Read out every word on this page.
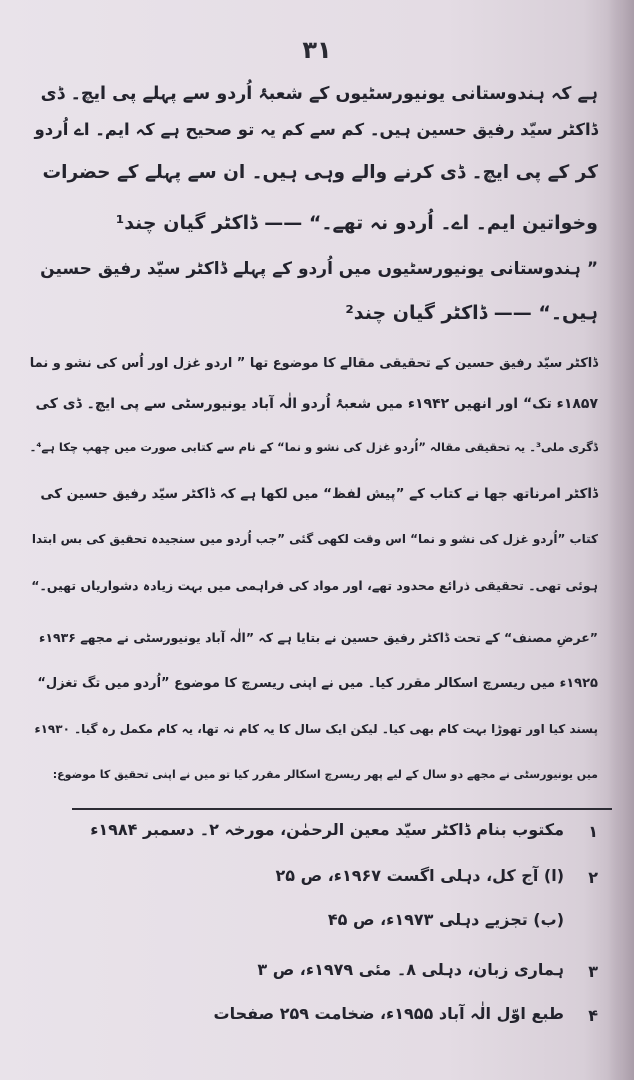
۳۱
ہے کہ ہندوستانی یونیورسٹیوں کے شعبۂ اُردو سے پہلے پی ایچ۔ ڈی
ڈاکٹر سیّد رفیق حسین ہیں۔ کم سے کم یہ تو صحیح ہے کہ ایم۔ اے اُردو
کر کے پی ایچ۔ ڈی کرنے والے وہی ہیں۔ ان سے پہلے کے حضرات
وخواتین ایم۔ اے۔ اُردو نہ تھے۔“ —— ڈاکٹر گیان چند¹
” ہندوستانی یونیورسٹیوں میں اُردو کے پہلے ڈاکٹر سیّد رفیق حسین
ہیں۔“ —— ڈاکٹر گیان چند²
ڈاکٹر سیّد رفیق حسین کے تحقیقی مقالے کا موضوع تھا ” اردو غزل اور اُس کی نشو و نما
۱۸۵۷ء تک“ اور انھیں ۱۹۴۲ء میں شعبۂ اُردو الٰہ آباد یونیورسٹی سے پی ایچ۔ ڈی کی
ڈگری ملی³۔ یہ تحقیقی مقالہ ”اُردو غزل کی نشو و نما“ کے نام سے کتابی صورت میں چھپ چکا ہے⁴۔
ڈاکٹر امرناتھ جھا نے کتاب کے ”پیش لفظ“ میں لکھا ہے کہ ڈاکٹر سیّد رفیق حسین کی
کتاب ”اُردو غزل کی نشو و نما“ اس وقت لکھی گئی ”جب اُردو میں سنجیدہ تحقیق کی بس ابتدا
ہوئی تھی۔ تحقیقی ذرائع محدود تھے، اور مواد کی فراہمی میں بہت زیادہ دشواریاں تھیں۔“
”عرضِ مصنف“ کے تحت ڈاکٹر رفیق حسین نے بتایا ہے کہ ”الٰہ آباد یونیورسٹی نے مجھے ۱۹۳۶ء
۱۹۲۵ء میں ریسرچ اسکالر مقرر کیا۔ میں نے اپنی ریسرچ کا موضوع ”اُردو میں تگ تغزل“
پسند کیا اور تھوڑا بہت کام بھی کیا۔ لیکن ایک سال کا یہ کام نہ تھا، یہ کام مکمل رہ گیا۔ ۱۹۳۰ء
میں یونیورسٹی نے مجھے دو سال کے لیے پھر ریسرچ اسکالر مقرر کیا تو میں نے اپنی تحقیق کا موضوع:
۱
مکتوب بنام ڈاکٹر سیّد معین الرحمٰن، مورخہ ۲۔ دسمبر ۱۹۸۴ء
۲
(ا) آج کل، دہلی اگست ۱۹۶۷ء، ص ۲۵
(ب) تجزیے دہلی ۱۹۷۳ء، ص ۴۵
۳
ہماری زبان، دہلی ۸۔ مئی ۱۹۷۹ء، ص ۳
۴
طبع اوّل الٰہ آباد ۱۹۵۵ء، ضخامت ۲۵۹ صفحات
